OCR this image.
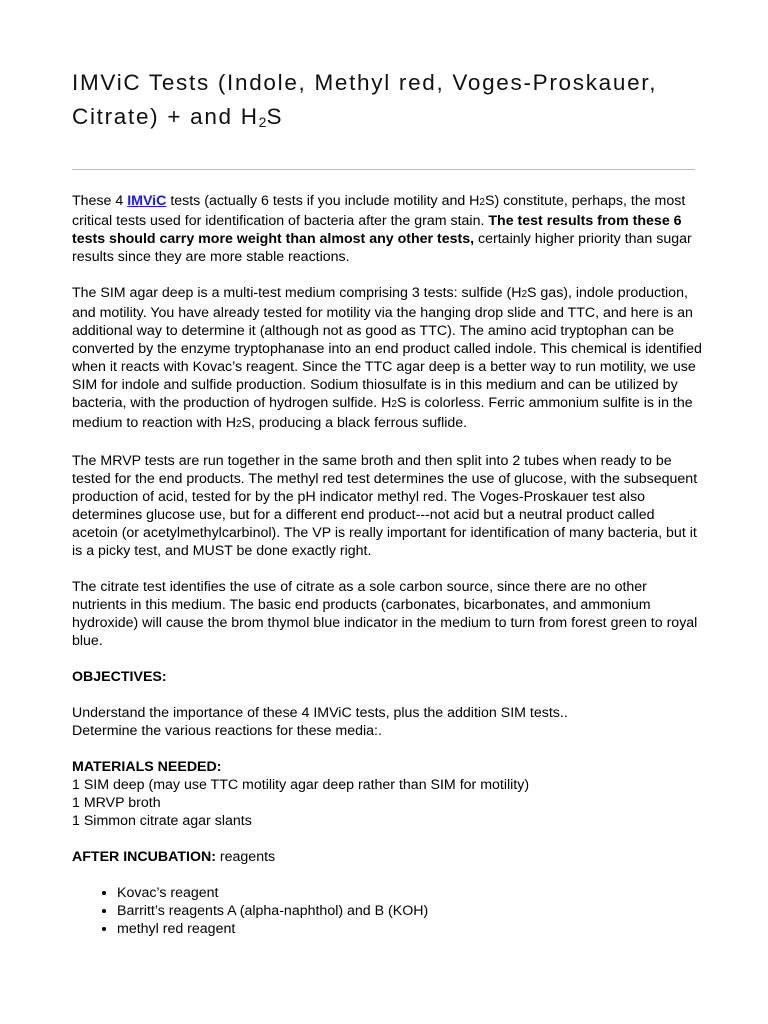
IMViC Tests (Indole, Methyl red, Voges-Proskauer,
Citrate) + and $H_2S$

These 4 IMViC tests (actually 6 tests if you include motility and H2S) constitute, perhaps, the most critical tests used for identification of bacteria after the gram stain. The test results from these 6 tests should carry more weight than almost any other tests, certainly higher priority than sugar results since they are more stable reactions.

The SIM agar deep is a multi-test medium comprising 3 tests: sulfide (H2S gas), indole production, and motility. You have already tested for motility via the hanging drop slide and TTC, and here is an additional way to determine it (although not as good as TTC). The amino acid tryptophan can be converted by the enzyme tryptophanase into an end product called indole. This chemical is identified when it reacts with Kovac’s reagent. Since the TTC agar deep is a better way to run motility, we use SIM for indole and sulfide production. Sodium thiosulfate is in this medium and can be utilized by bacteria, with the production of hydrogen sulfide. H2S is colorless. Ferric ammonium sulfite is in the medium to reaction with H2S, producing a black ferrous suflide.

The MRVP tests are run together in the same broth and then split into 2 tubes when ready to be tested for the end products. The methyl red test determines the use of glucose, with the subsequent production of acid, tested for by the pH indicator methyl red. The Voges-Proskauer test also determines glucose use, but for a different end product---not acid but a neutral product called acetoin (or acetylmethylcarbinol). The VP is really important for identification of many bacteria, but it is a picky test, and MUST be done exactly right.

The citrate test identifies the use of citrate as a sole carbon source, since there are no other nutrients in this medium. The basic end products (carbonates, bicarbonates, and ammonium hydroxide) will cause the brom thymol blue indicator in the medium to turn from forest green to royal blue.

OBJECTIVES:

Understand the importance of these 4 IMViC tests, plus the addition SIM tests..

Determine the various reactions for these media:.

MATERIALS NEEDED:

1 SIM deep (may use TTC motility agar deep rather than SIM for motility)

1 MRVP broth

1 Simmon citrate agar slants

AFTER INCUBATION: reagents

• Kovac’s reagent
• Barritt’s reagents A (alpha-naphthol) and B (KOH)
• methyl red reagent
